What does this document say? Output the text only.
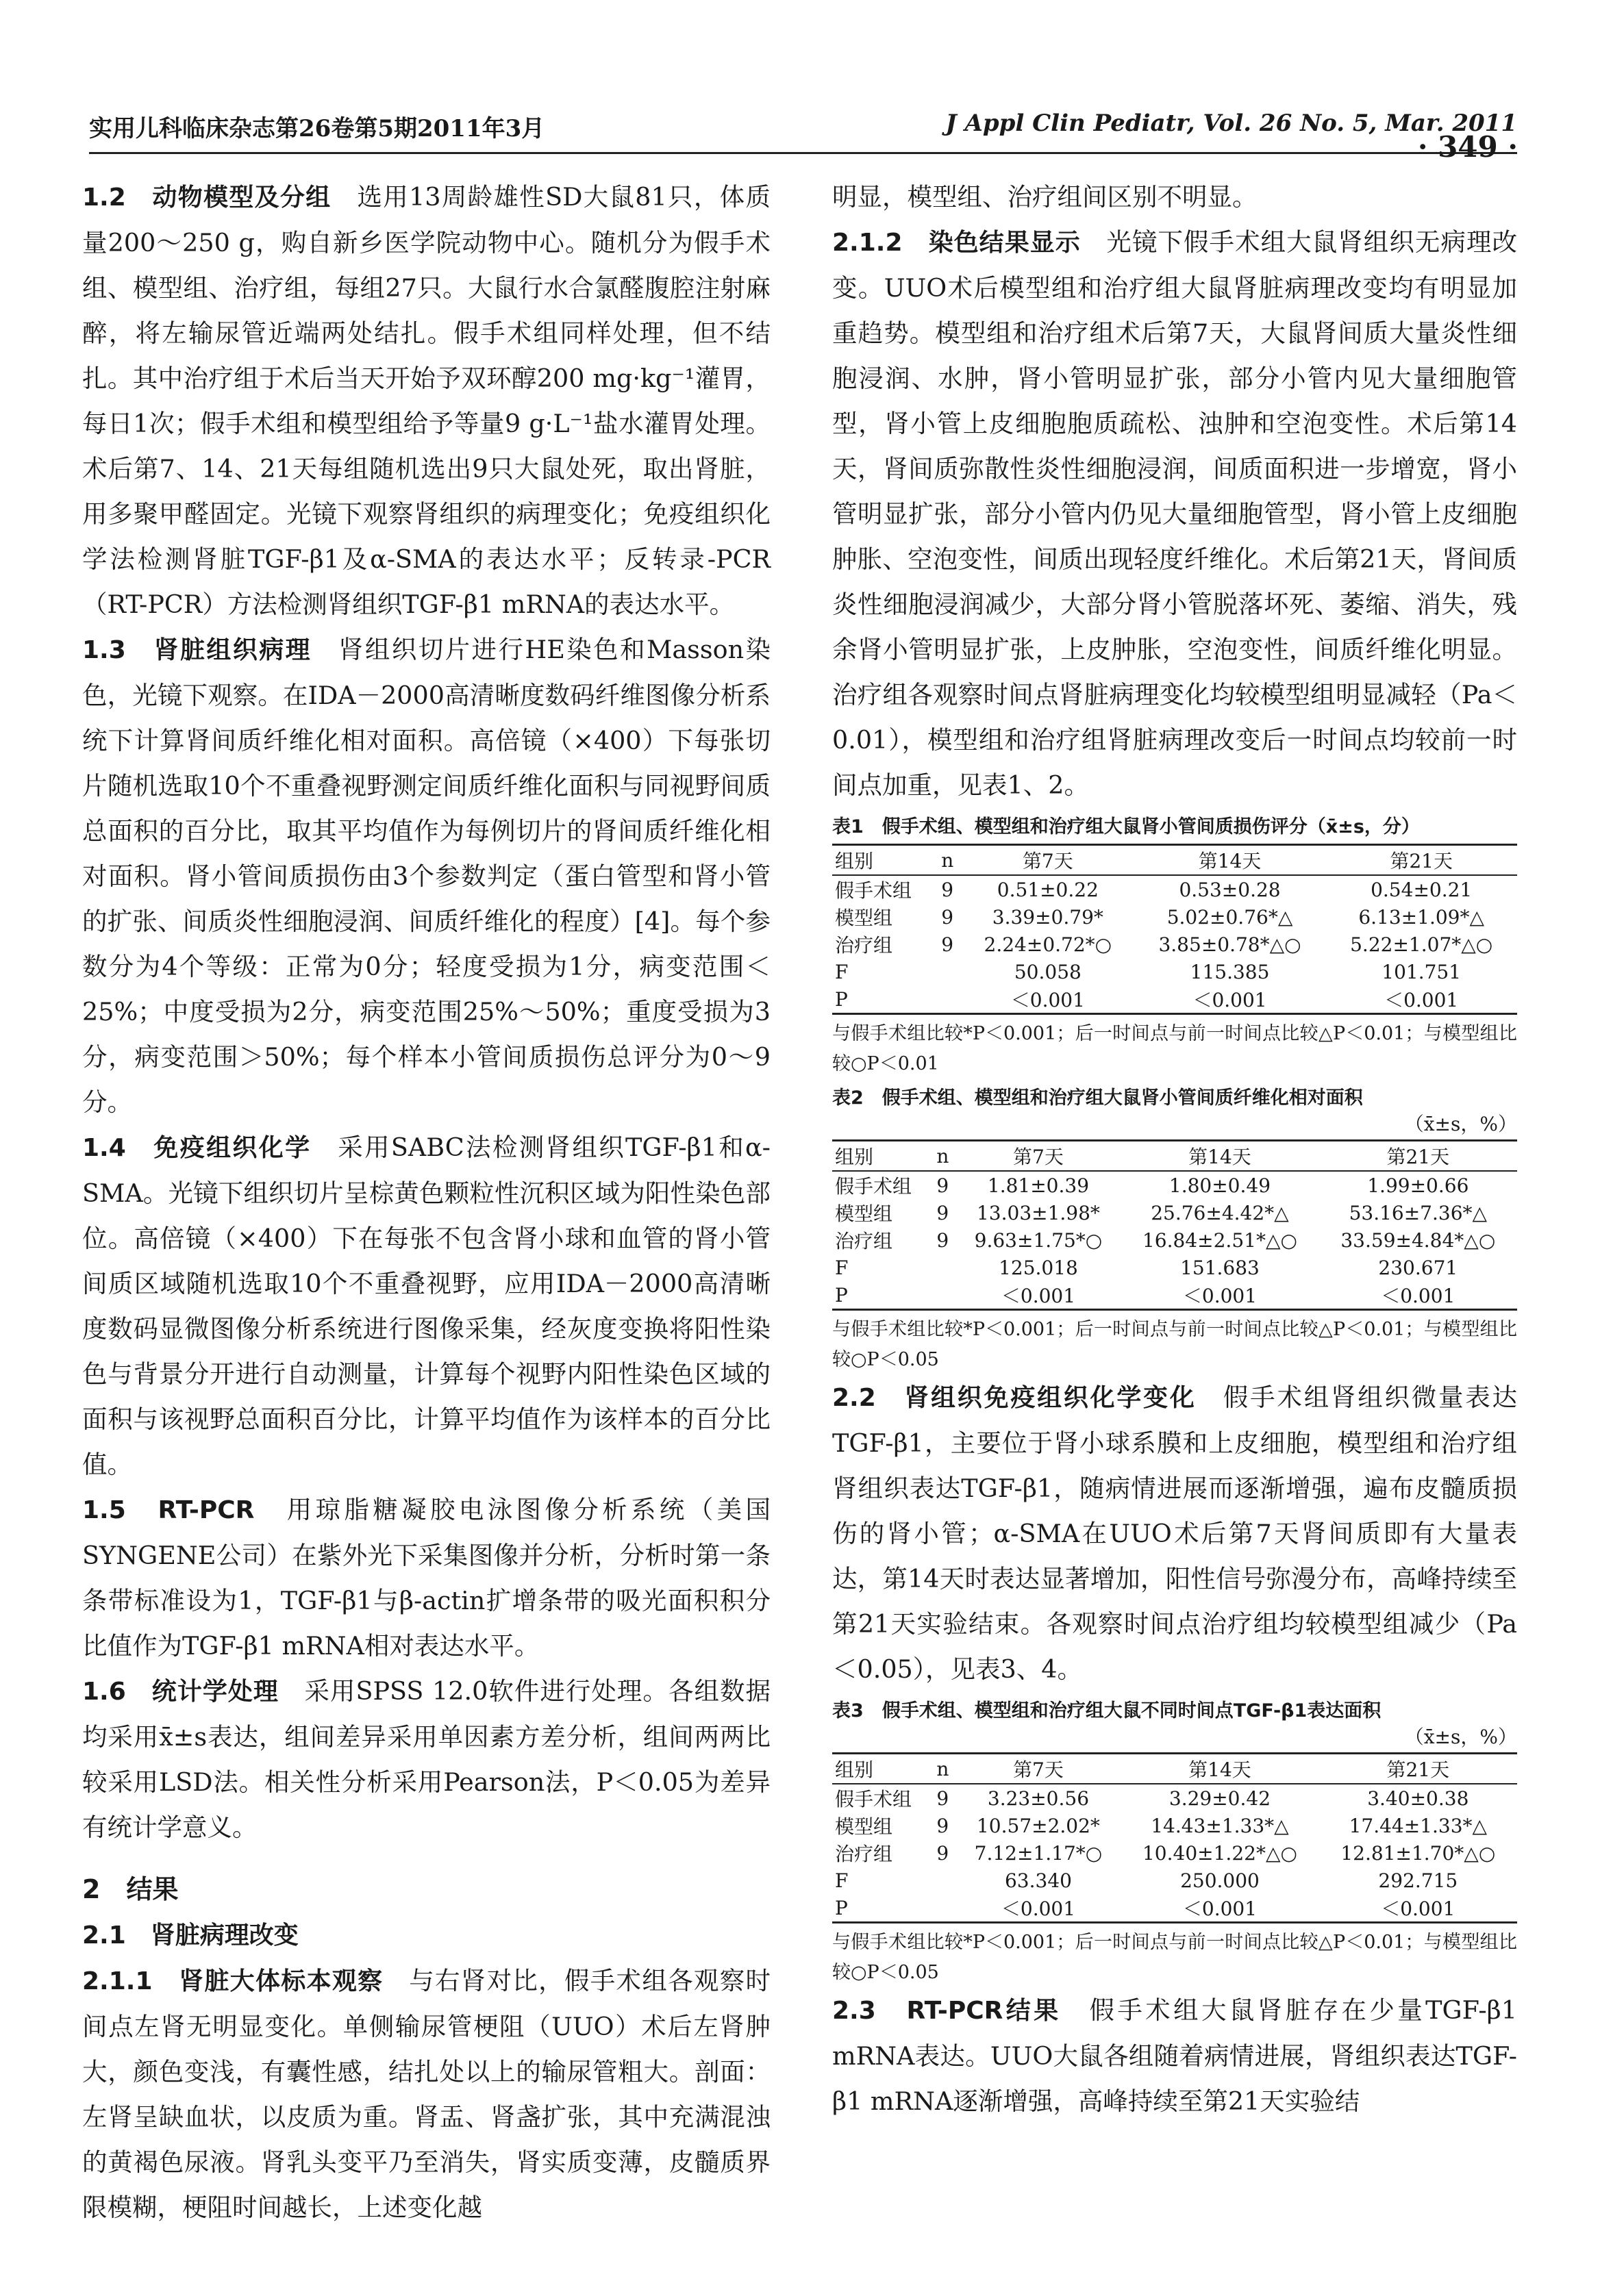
实用儿科临床杂志第26卷第5期2011年3月	J Appl Clin Pediatr, Vol. 26 No. 5, Mar. 2011
· 349 ·

1.2　动物模型及分组　 选用13周龄雄性SD大鼠81只，体质量200～250 g，购自新乡医学院动物中心。随机分为假手术组、模型组、治疗组，每组27只。大鼠行水合氯醛腹腔注射麻醉，将左输尿管近端两处结扎。假手术组同样处理，但不结扎。其中治疗组于术后当天开始予双环醇200 mg·kg⁻¹灌胃，每日1次；假手术组和模型组给予等量9 g·L⁻¹盐水灌胃处理。术后第7、14、21天每组随机选出9只大鼠处死，取出肾脏，用多聚甲醛固定。光镜下观察肾组织的病理变化；免疫组织化学法检测肾脏TGF-β1及α-SMA的表达水平；反转录-PCR（RT-PCR）方法检测肾组织TGF-β1 mRNA的表达水平。

1.3　肾脏组织病理　 肾组织切片进行HE染色和Masson染色，光镜下观察。在IDA－2000高清晰度数码纤维图像分析系统下计算肾间质纤维化相对面积。高倍镜（×400）下每张切片随机选取10个不重叠视野测定间质纤维化面积与同视野间质总面积的百分比，取其平均值作为每例切片的肾间质纤维化相对面积。肾小管间质损伤由3个参数判定（蛋白管型和肾小管的扩张、间质炎性细胞浸润、间质纤维化的程度）[4]。每个参数分为4个等级：正常为0分；轻度受损为1分，病变范围＜25%；中度受损为2分，病变范围25%～50%；重度受损为3分，病变范围＞50%；每个样本小管间质损伤总评分为0～9分。

1.4　免疫组织化学　 采用SABC法检测肾组织TGF-β1和α-SMA。光镜下组织切片呈棕黄色颗粒性沉积区域为阳性染色部位。高倍镜（×400）下在每张不包含肾小球和血管的肾小管间质区域随机选取10个不重叠视野，应用IDA－2000高清晰度数码显微图像分析系统进行图像采集，经灰度变换将阳性染色与背景分开进行自动测量，计算每个视野内阳性染色区域的面积与该视野总面积百分比，计算平均值作为该样本的百分比值。

1.5　RT-PCR　 用琼脂糖凝胶电泳图像分析系统（美国SYNGENE公司）在紫外光下采集图像并分析，分析时第一条条带标准设为1，TGF-β1与β-actin扩增条带的吸光面积积分比值作为TGF-β1 mRNA相对表达水平。

1.6　统计学处理　 采用SPSS 12.0软件进行处理。各组数据均采用x̄±s表达，组间差异采用单因素方差分析，组间两两比较采用LSD法。相关性分析采用Pearson法，P＜0.05为差异有统计学意义。

2　结果
2.1　肾脏病理改变

2.1.1　肾脏大体标本观察　 与右肾对比，假手术组各观察时间点左肾无明显变化。单侧输尿管梗阻（UUO）术后左肾肿大，颜色变浅，有囊性感，结扎处以上的输尿管粗大。剖面：左肾呈缺血状，以皮质为重。肾盂、肾盏扩张，其中充满混浊的黄褐色尿液。肾乳头变平乃至消失，肾实质变薄，皮髓质界限模糊，梗阻时间越长，上述变化越

明显，模型组、治疗组间区别不明显。

2.1.2　染色结果显示　 光镜下假手术组大鼠肾组织无病理改变。UUO术后模型组和治疗组大鼠肾脏病理改变均有明显加重趋势。模型组和治疗组术后第7天，大鼠肾间质大量炎性细胞浸润、水肿，肾小管明显扩张，部分小管内见大量细胞管型，肾小管上皮细胞胞质疏松、浊肿和空泡变性。术后第14天，肾间质弥散性炎性细胞浸润，间质面积进一步增宽，肾小管明显扩张，部分小管内仍见大量细胞管型，肾小管上皮细胞肿胀、空泡变性，间质出现轻度纤维化。术后第21天，肾间质炎性细胞浸润减少，大部分肾小管脱落坏死、萎缩、消失，残余肾小管明显扩张，上皮肿胀，空泡变性，间质纤维化明显。治疗组各观察时间点肾脏病理变化均较模型组明显减轻（Pa＜0.01），模型组和治疗组肾脏病理改变后一时间点均较前一时间点加重，见表1、2。

表1　假手术组、模型组和治疗组大鼠肾小管间质损伤评分（x̄±s，分）
组别	n	第7天	第14天	第21天
假手术组	9	0.51±0.22	0.53±0.28	0.54±0.21
模型组	9	3.39±0.79*	5.02±0.76*△	6.13±1.09*△
治疗组	9	2.24±0.72*○	3.85±0.78*△○	5.22±1.07*△○
F		50.058	115.385	101.751
P		＜0.001	＜0.001	＜0.001
与假手术组比较*P＜0.001；后一时间点与前一时间点比较△P＜0.01；与模型组比较○P＜0.01
表2　假手术组、模型组和治疗组大鼠肾小管间质纤维化相对面积
（x̄±s，%）
组别	n	第7天	第14天	第21天
假手术组	9	1.81±0.39	1.80±0.49	1.99±0.66
模型组	9	13.03±1.98*	25.76±4.42*△	53.16±7.36*△
治疗组	9	9.63±1.75*○	16.84±2.51*△○	33.59±4.84*△○
F		125.018	151.683	230.671
P		＜0.001	＜0.001	＜0.001
与假手术组比较*P＜0.001；后一时间点与前一时间点比较△P＜0.01；与模型组比较○P＜0.05

2.2　肾组织免疫组织化学变化　 假手术组肾组织微量表达TGF-β1，主要位于肾小球系膜和上皮细胞，模型组和治疗组肾组织表达TGF-β1，随病情进展而逐渐增强，遍布皮髓质损伤的肾小管；α-SMA在UUO术后第7天肾间质即有大量表达，第14天时表达显著增加，阳性信号弥漫分布，高峰持续至第21天实验结束。各观察时间点治疗组均较模型组减少（Pa＜0.05），见表3、4。

表3　假手术组、模型组和治疗组大鼠不同时间点TGF-β1表达面积
（x̄±s，%）
组别	n	第7天	第14天	第21天
假手术组	9	3.23±0.56	3.29±0.42	3.40±0.38
模型组	9	10.57±2.02*	14.43±1.33*△	17.44±1.33*△
治疗组	9	7.12±1.17*○	10.40±1.22*△○	12.81±1.70*△○
F		63.340	250.000	292.715
P		＜0.001	＜0.001	＜0.001
与假手术组比较*P＜0.001；后一时间点与前一时间点比较△P＜0.01；与模型组比较○P＜0.05

2.3　RT-PCR结果　 假手术组大鼠肾脏存在少量TGF-β1 mRNA表达。UUO大鼠各组随着病情进展，肾组织表达TGF-β1 mRNA逐渐增强，高峰持续至第21天实验结
